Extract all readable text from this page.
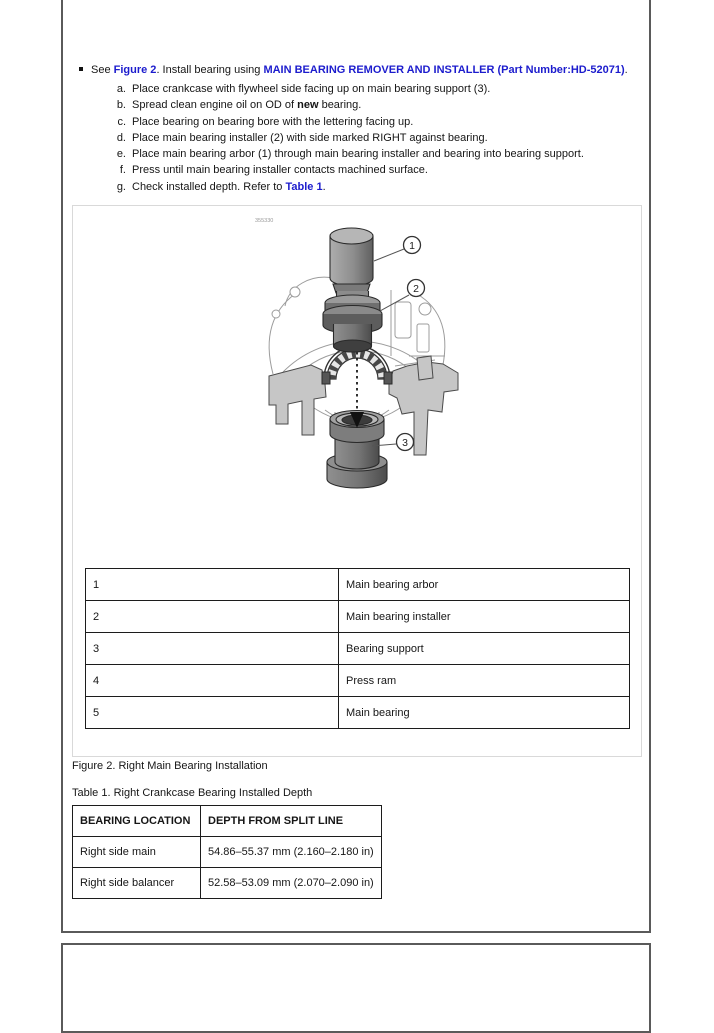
See Figure 2. Install bearing using MAIN BEARING REMOVER AND INSTALLER (Part Number:HD-52071).
a. Place crankcase with flywheel side facing up on main bearing support (3).
b. Spread clean engine oil on OD of new bearing.
c. Place bearing on bearing bore with the lettering facing up.
d. Place main bearing installer (2) with side marked RIGHT against bearing.
e. Place main bearing arbor (1) through main bearing installer and bearing into bearing support.
f. Press until main bearing installer contacts machined surface.
g. Check installed depth. Refer to Table 1.
355330
1
2
3
1	Main bearing arbor
2	Main bearing installer
3	Bearing support
4	Press ram
5	Main bearing
Figure 2. Right Main Bearing Installation
Table 1. Right Crankcase Bearing Installed Depth
BEARING LOCATION	DEPTH FROM SPLIT LINE
Right side main	54.86–55.37 mm (2.160–2.180 in)
Right side balancer	52.58–53.09 mm (2.070–2.090 in)
